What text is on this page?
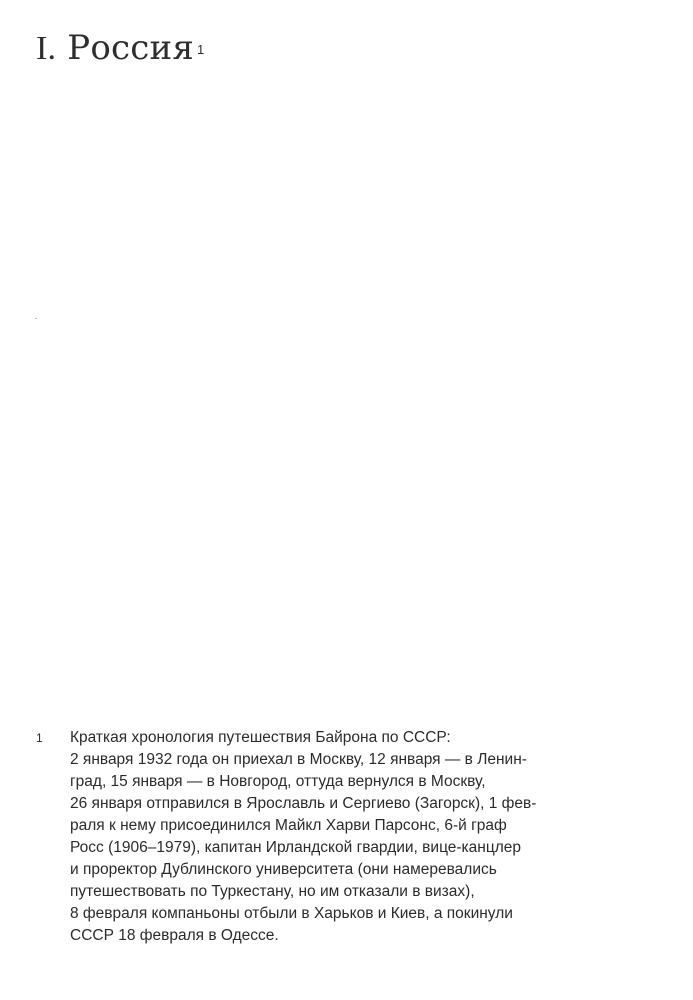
I. Россия $^1$
1 Краткая хронология путешествия Байрона по СССР:
2 января 1932 года он приехал в Москву, 12 января — в Ленин-
град, 15 января — в Новгород, оттуда вернулся в Москву,
26 января отправился в Ярославль и Сергиево (Загорск), 1 фев-
раля к нему присоединился Майкл Харви Парсонс, 6-й граф
Росс (1906–1979), капитан Ирландской гвардии, вице-канцлер
и проректор Дублинского университета (они намеревались
путешествовать по Туркестану, но им отказали в визах),
8 февраля компаньоны отбыли в Харьков и Киев, а покинули
СССР 18 февраля в Одессе.
